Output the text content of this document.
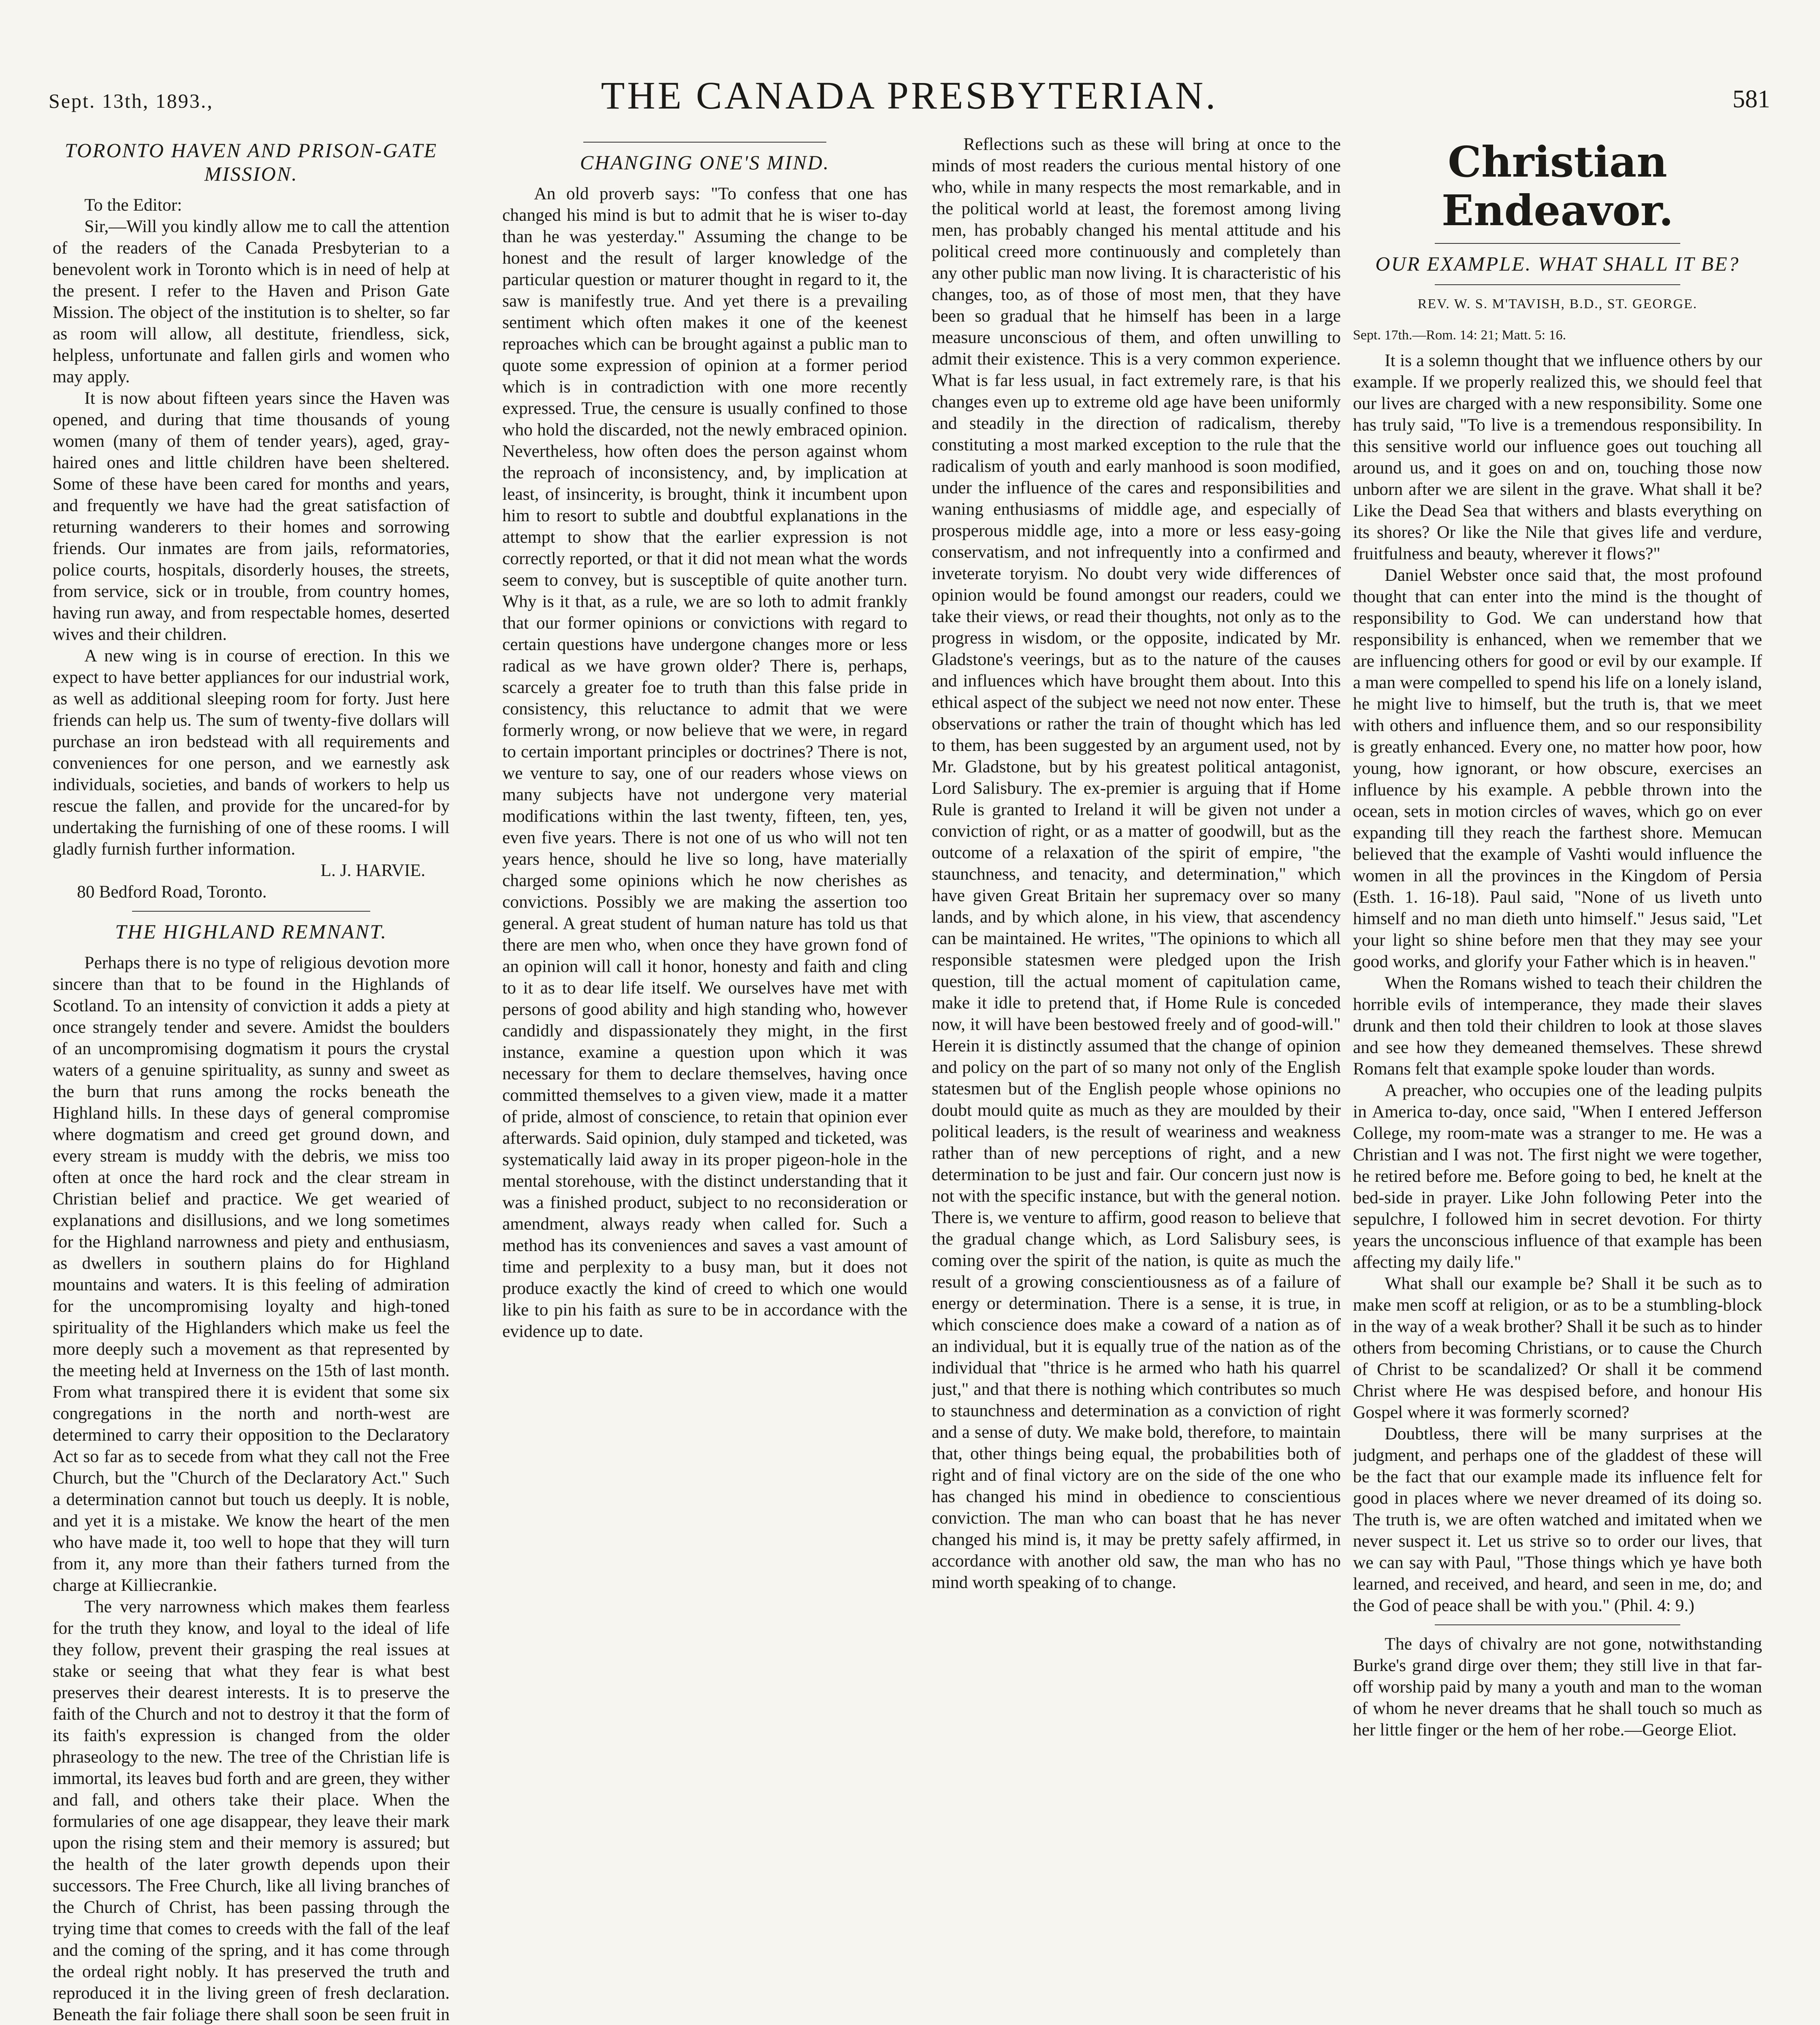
Sept. 13th, 1893.,	THE CANADA PRESBYTERIAN.	581
TORONTO HAVEN AND PRISON-GATE MISSION.

To the Editor:

Sir,—Will you kindly allow me to call the attention of the readers of the Canada Presbyterian to a benevolent work in Toronto which is in need of help at the present. I refer to the Haven and Prison Gate Mission. The object of the institution is to shelter, so far as room will allow, all destitute, friendless, sick, helpless, unfortunate and fallen girls and women who may apply.

It is now about fifteen years since the Haven was opened, and during that time thousands of young women (many of them of tender years), aged, gray-haired ones and little children have been sheltered. Some of these have been cared for months and years, and frequently we have had the great satisfaction of returning wanderers to their homes and sorrowing friends. Our inmates are from jails, reformatories, police courts, hospitals, disorderly houses, the streets, from service, sick or in trouble, from country homes, having run away, and from respectable homes, deserted wives and their children.

A new wing is in course of erection. In this we expect to have better appliances for our industrial work, as well as additional sleeping room for forty. Just here friends can help us. The sum of twenty-five dollars will purchase an iron bedstead with all requirements and conveniences for one person, and we earnestly ask individuals, societies, and bands of workers to help us rescue the fallen, and provide for the uncared-for by undertaking the furnishing of one of these rooms. I will gladly furnish further information.

L. J. HARVIE.

80 Bedford Road, Toronto.

THE HIGHLAND REMNANT.

Perhaps there is no type of religious devotion more sincere than that to be found in the Highlands of Scotland. To an intensity of conviction it adds a piety at once strangely tender and severe. Amidst the boulders of an uncompromising dogmatism it pours the crystal waters of a genuine spirituality, as sunny and sweet as the burn that runs among the rocks beneath the Highland hills. In these days of general compromise where dogmatism and creed get ground down, and every stream is muddy with the debris, we miss too often at once the hard rock and the clear stream in Christian belief and practice. We get wearied of explanations and disillusions, and we long sometimes for the Highland narrowness and piety and enthusiasm, as dwellers in southern plains do for Highland mountains and waters. It is this feeling of admiration for the uncompromising loyalty and high-toned spirituality of the Highlanders which make us feel the more deeply such a movement as that represented by the meeting held at Inverness on the 15th of last month. From what transpired there it is evident that some six congregations in the north and north-west are determined to carry their opposition to the Declaratory Act so far as to secede from what they call not the Free Church, but the "Church of the Declaratory Act." Such a determination cannot but touch us deeply. It is noble, and yet it is a mistake. We know the heart of the men who have made it, too well to hope that they will turn from it, any more than their fathers turned from the charge at Killiecrankie.

The very narrowness which makes them fearless for the truth they know, and loyal to the ideal of life they follow, prevent their grasping the real issues at stake or seeing that what they fear is what best preserves their dearest interests. It is to preserve the faith of the Church and not to destroy it that the form of its faith's expression is changed from the older phraseology to the new. The tree of the Christian life is immortal, its leaves bud forth and are green, they wither and fall, and others take their place. When the formularies of one age disappear, they leave their mark upon the rising stem and their memory is assured; but the health of the later growth depends upon their successors. The Free Church, like all living branches of the Church of Christ, has been passing through the trying time that comes to creeds with the fall of the leaf and the coming of the spring, and it has come through the ordeal right nobly. It has preserved the truth and reproduced it in the living green of fresh declaration. Beneath the fair foliage there shall soon be seen fruit in

CHANGING ONE'S MIND.

An old proverb says: "To confess that one has changed his mind is but to admit that he is wiser to-day than he was yesterday." Assuming the change to be honest and the result of larger knowledge of the particular question or maturer thought in regard to it, the saw is manifestly true. And yet there is a prevailing sentiment which often makes it one of the keenest reproaches which can be brought against a public man to quote some expression of opinion at a former period which is in contradiction with one more recently expressed. True, the censure is usually confined to those who hold the discarded, not the newly embraced opinion. Nevertheless, how often does the person against whom the reproach of inconsistency, and, by implication at least, of insincerity, is brought, think it incumbent upon him to resort to subtle and doubtful explanations in the attempt to show that the earlier expression is not correctly reported, or that it did not mean what the words seem to convey, but is susceptible of quite another turn. Why is it that, as a rule, we are so loth to admit frankly that our former opinions or convictions with regard to certain questions have undergone changes more or less radical as we have grown older? There is, perhaps, scarcely a greater foe to truth than this false pride in consistency, this reluctance to admit that we were formerly wrong, or now believe that we were, in regard to certain important principles or doctrines? There is not, we venture to say, one of our readers whose views on many subjects have not undergone very material modifications within the last twenty, fifteen, ten, yes, even five years. There is not one of us who will not ten years hence, should he live so long, have materially charged some opinions which he now cherishes as convictions. Possibly we are making the assertion too general. A great student of human nature has told us that there are men who, when once they have grown fond of an opinion will call it honor, honesty and faith and cling to it as to dear life itself. We ourselves have met with persons of good ability and high standing who, however candidly and dispassionately they might, in the first instance, examine a question upon which it was necessary for them to declare themselves, having once committed themselves to a given view, made it a matter of pride, almost of conscience, to retain that opinion ever afterwards. Said opinion, duly stamped and ticketed, was systematically laid away in its proper pigeon-hole in the mental storehouse, with the distinct understanding that it was a finished product, subject to no reconsideration or amendment, always ready when called for. Such a method has its conveniences and saves a vast amount of time and perplexity to a busy man, but it does not produce exactly the kind of creed to which one would like to pin his faith as sure to be in accordance with the evidence up to date.

Reflections such as these will bring at once to the minds of most readers the curious mental history of one who, while in many respects the most remarkable, and in the political world at least, the foremost among living men, has probably changed his mental attitude and his political creed more continuously and completely than any other public man now living. It is characteristic of his changes, too, as of those of most men, that they have been so gradual that he himself has been in a large measure unconscious of them, and often unwilling to admit their existence. This is a very common experience. What is far less usual, in fact extremely rare, is that his changes even up to extreme old age have been uniformly and steadily in the direction of radicalism, thereby constituting a most marked exception to the rule that the radicalism of youth and early manhood is soon modified, under the influence of the cares and responsibilities and waning enthusiasms of middle age, and especially of prosperous middle age, into a more or less easy-going conservatism, and not infrequently into a confirmed and inveterate toryism. No doubt very wide differences of opinion would be found amongst our readers, could we take their views, or read their thoughts, not only as to the progress in wisdom, or the opposite, indicated by Mr. Gladstone's veerings, but as to the nature of the causes and influences which have brought them about. Into this ethical aspect of the subject we need not now enter. These observations or rather the train of thought which has led to them, has been suggested by an argument used, not by Mr. Gladstone, but by his greatest political antagonist, Lord Salisbury. The ex-premier is arguing that if Home Rule is granted to Ireland it will be given not under a conviction of right, or as a matter of goodwill, but as the outcome of a relaxation of the spirit of empire, "the staunchness, and tenacity, and determination," which have given Great Britain her supremacy over so many lands, and by which alone, in his view, that ascendency can be maintained. He writes, "The opinions to which all responsible statesmen were pledged upon the Irish question, till the actual moment of capitulation came, make it idle to pretend that, if Home Rule is conceded now, it will have been bestowed freely and of good-will." Herein it is distinctly assumed that the change of opinion and policy on the part of so many not only of the English statesmen but of the English people whose opinions no doubt mould quite as much as they are moulded by their political leaders, is the result of weariness and weakness rather than of new perceptions of right, and a new determination to be just and fair. Our concern just now is not with the specific instance, but with the general notion. There is, we venture to affirm, good reason to believe that the gradual change which, as Lord Salisbury sees, is coming over the spirit of the nation, is quite as much the result of a growing conscientiousness as of a failure of energy or determination. There is a sense, it is true, in which conscience does make a coward of a nation as of an individual, but it is equally true of the nation as of the individual that "thrice is he armed who hath his quarrel just," and that there is nothing which contributes so much to staunchness and determination as a conviction of right and a sense of duty. We make bold, therefore, to maintain that, other things being equal, the probabilities both of right and of final victory are on the side of the one who has changed his mind in obedience to conscientious conviction. The man who can boast that he has never changed his mind is, it may be pretty safely affirmed, in accordance with another old saw, the man who has no mind worth speaking of to change.

Christian Endeavor.
OUR EXAMPLE. WHAT SHALL IT BE?
REV. W. S. M'TAVISH, B.D., ST. GEORGE.
Sept. 17th.—Rom. 14: 21; Matt. 5: 16.

It is a solemn thought that we influence others by our example. If we properly realized this, we should feel that our lives are charged with a new responsibility. Some one has truly said, "To live is a tremendous responsibility. In this sensitive world our influence goes out touching all around us, and it goes on and on, touching those now unborn after we are silent in the grave. What shall it be? Like the Dead Sea that withers and blasts everything on its shores? Or like the Nile that gives life and verdure, fruitfulness and beauty, wherever it flows?"

Daniel Webster once said that, the most profound thought that can enter into the mind is the thought of responsibility to God. We can understand how that responsibility is enhanced, when we remember that we are influencing others for good or evil by our example. If a man were compelled to spend his life on a lonely island, he might live to himself, but the truth is, that we meet with others and influence them, and so our responsibility is greatly enhanced. Every one, no matter how poor, how young, how ignorant, or how obscure, exercises an influence by his example. A pebble thrown into the ocean, sets in motion circles of waves, which go on ever expanding till they reach the farthest shore. Memucan believed that the example of Vashti would influence the women in all the provinces in the Kingdom of Persia (Esth. 1. 16-18). Paul said, "None of us liveth unto himself and no man dieth unto himself." Jesus said, "Let your light so shine before men that they may see your good works, and glorify your Father which is in heaven."

When the Romans wished to teach their children the horrible evils of intemperance, they made their slaves drunk and then told their children to look at those slaves and see how they demeaned themselves. These shrewd Romans felt that example spoke louder than words.

A preacher, who occupies one of the leading pulpits in America to-day, once said, "When I entered Jefferson College, my room-mate was a stranger to me. He was a Christian and I was not. The first night we were together, he retired before me. Before going to bed, he knelt at the bed-side in prayer. Like John following Peter into the sepulchre, I followed him in secret devotion. For thirty years the unconscious influence of that example has been affecting my daily life."

What shall our example be? Shall it be such as to make men scoff at religion, or as to be a stumbling-block in the way of a weak brother? Shall it be such as to hinder others from becoming Christians, or to cause the Church of Christ to be scandalized? Or shall it be commend Christ where He was despised before, and honour His Gospel where it was formerly scorned?

Doubtless, there will be many surprises at the judgment, and perhaps one of the gladdest of these will be the fact that our example made its influence felt for good in places where we never dreamed of its doing so. The truth is, we are often watched and imitated when we never suspect it. Let us strive so to order our lives, that we can say with Paul, "Those things which ye have both learned, and received, and heard, and seen in me, do; and the God of peace shall be with you." (Phil. 4: 9.)

The days of chivalry are not gone, notwithstanding Burke's grand dirge over them; they still live in that far-off worship paid by many a youth and man to the woman of whom he never dreams that he shall touch so much as her little finger or the hem of her robe.—George Eliot.
